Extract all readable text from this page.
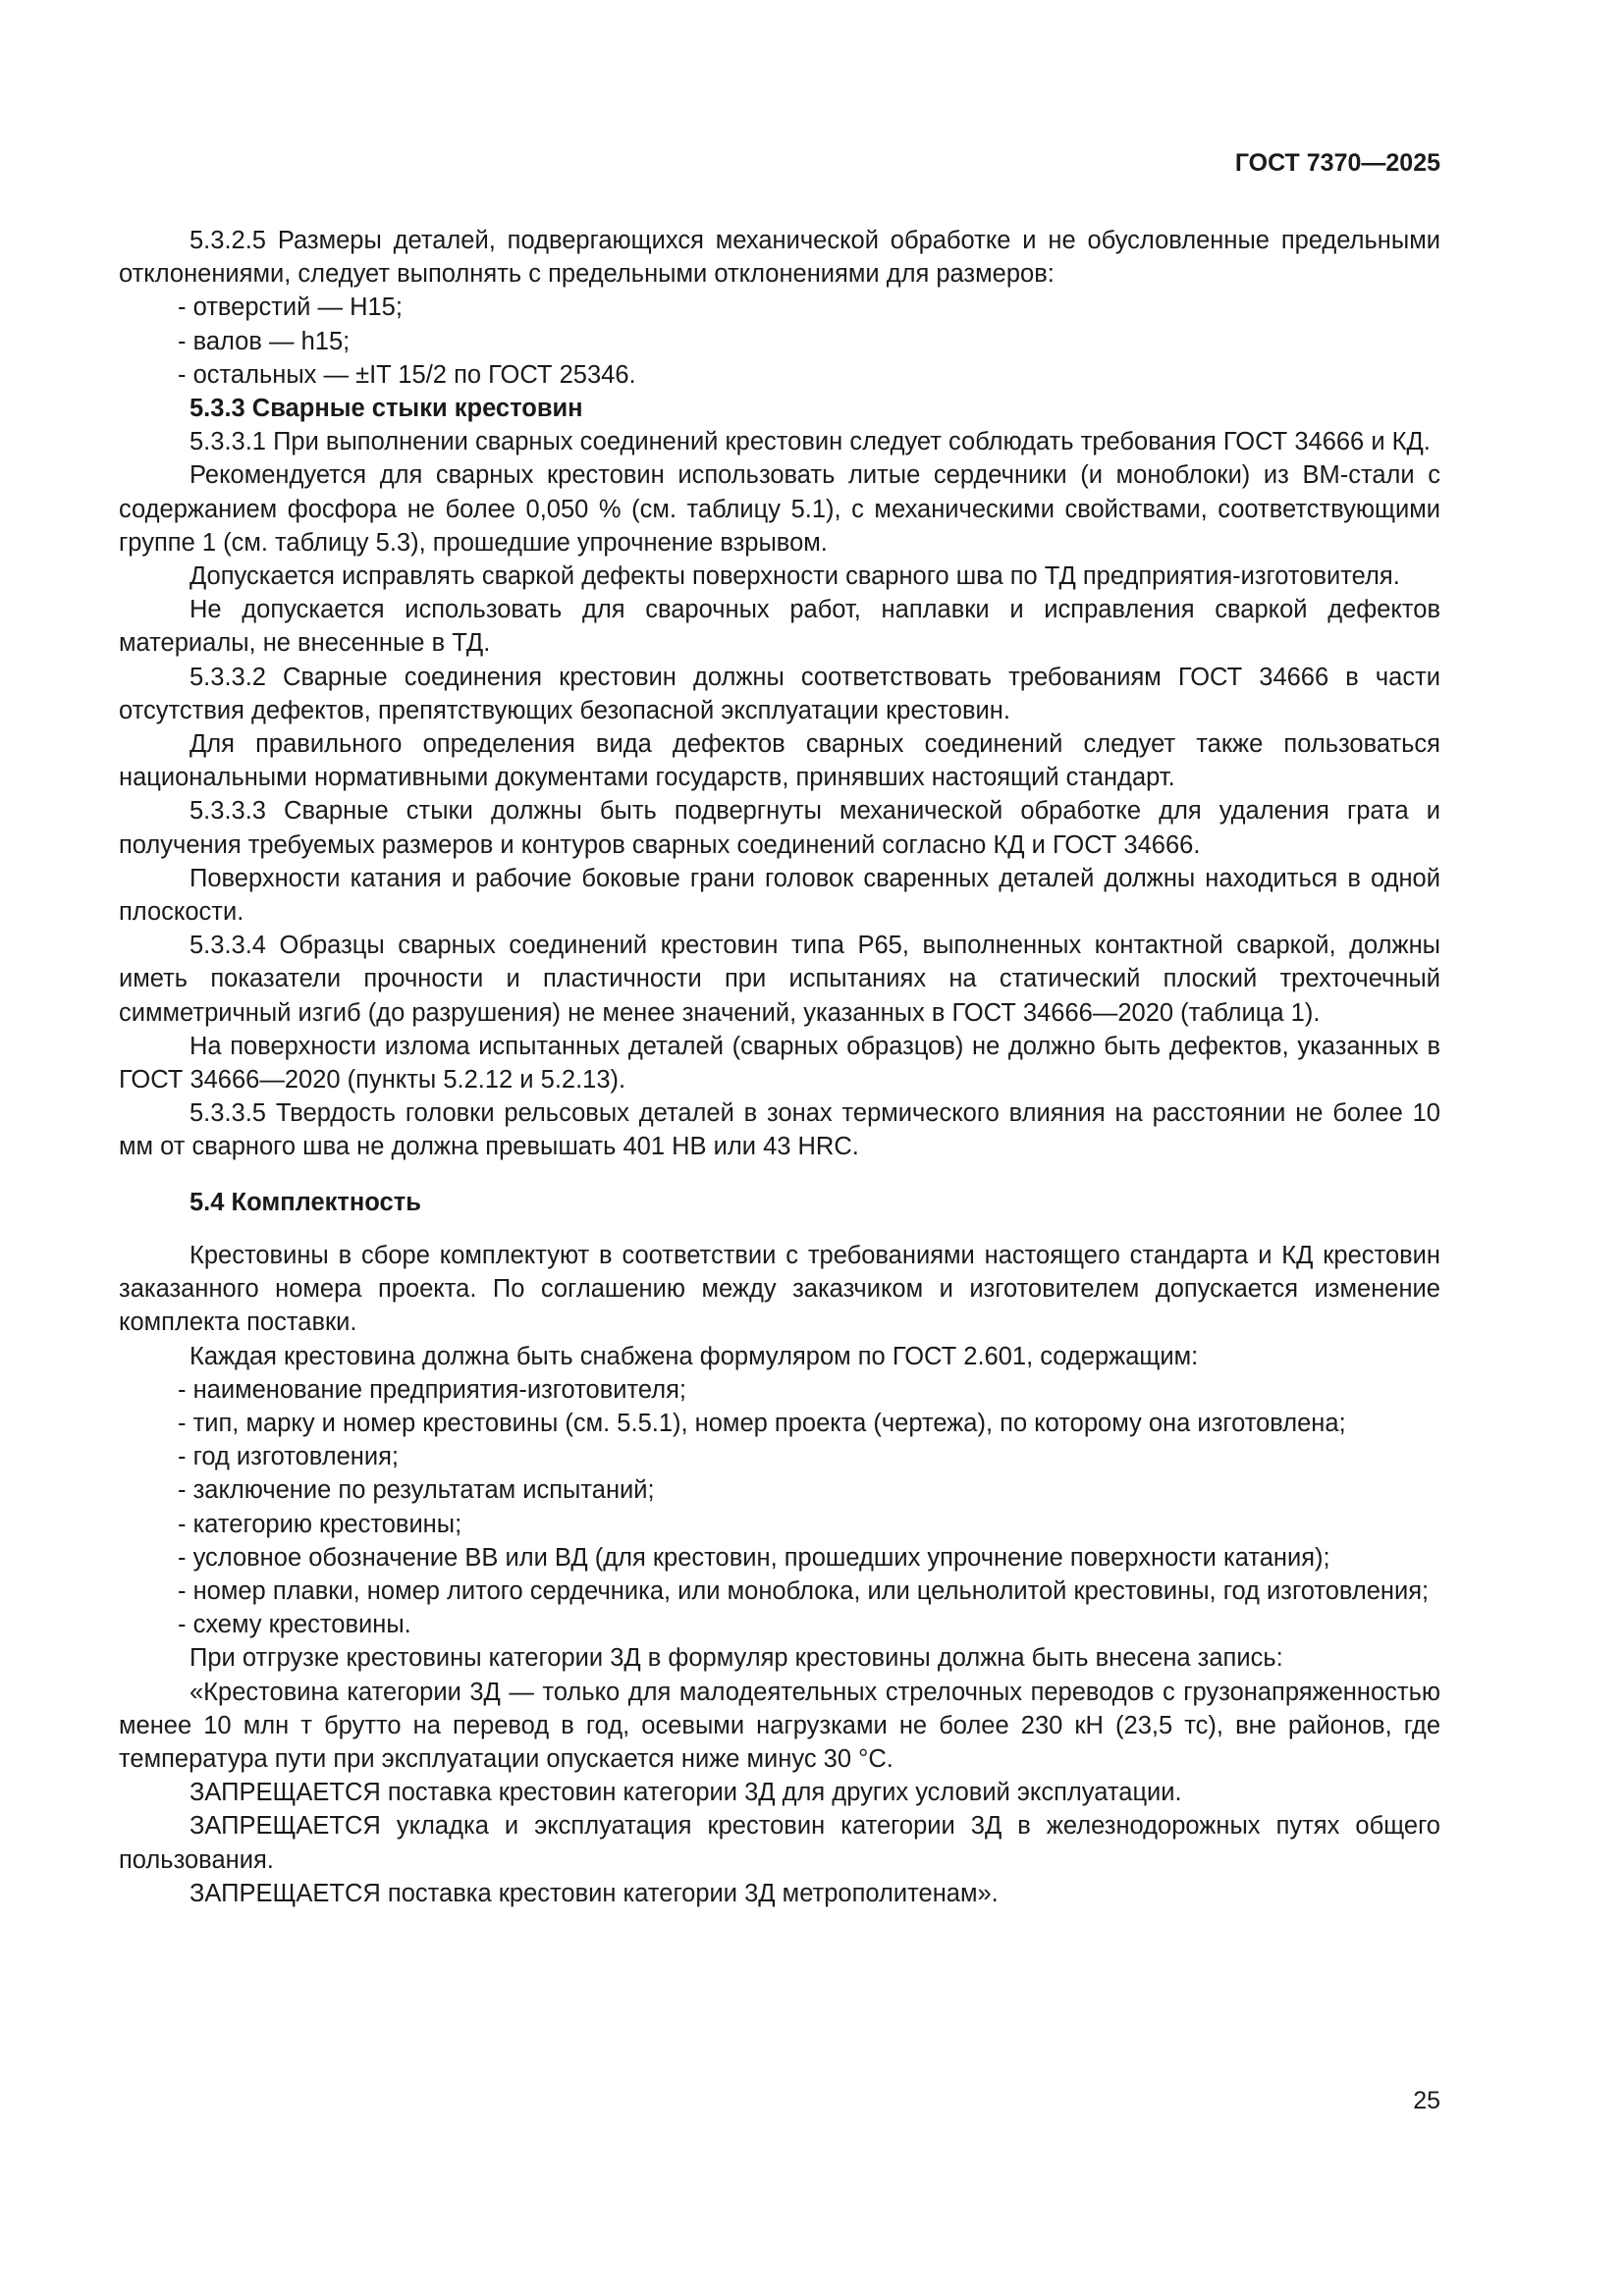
ГОСТ 7370—2025

5.3.2.5 Размеры деталей, подвергающихся механической обработке и не обусловленные предельными отклонениями, следует выполнять с предельными отклонениями для размеров:

- отверстий — Н15;

- валов — h15;

- остальных — ±IT 15/2 по ГОСТ 25346.

5.3.3 Сварные стыки крестовин

5.3.3.1 При выполнении сварных соединений крестовин следует соблюдать требования ГОСТ 34666 и КД.

Рекомендуется для сварных крестовин использовать литые сердечники (и моноблоки) из ВМ-стали с содержанием фосфора не более 0,050 % (см. таблицу 5.1), с механическими свойствами, соответствующими группе 1 (см. таблицу 5.3), прошедшие упрочнение взрывом.

Допускается исправлять сваркой дефекты поверхности сварного шва по ТД предприятия-изготовителя.

Не допускается использовать для сварочных работ, наплавки и исправления сваркой дефектов материалы, не внесенные в ТД.

5.3.3.2 Сварные соединения крестовин должны соответствовать требованиям ГОСТ 34666 в части отсутствия дефектов, препятствующих безопасной эксплуатации крестовин.

Для правильного определения вида дефектов сварных соединений следует также пользоваться национальными нормативными документами государств, принявших настоящий стандарт.

5.3.3.3 Сварные стыки должны быть подвергнуты механической обработке для удаления грата и получения требуемых размеров и контуров сварных соединений согласно КД и ГОСТ 34666.

Поверхности катания и рабочие боковые грани головок сваренных деталей должны находиться в одной плоскости.

5.3.3.4 Образцы сварных соединений крестовин типа Р65, выполненных контактной сваркой, должны иметь показатели прочности и пластичности при испытаниях на статический плоский трехточечный симметричный изгиб (до разрушения) не менее значений, указанных в ГОСТ 34666—2020 (таблица 1).

На поверхности излома испытанных деталей (сварных образцов) не должно быть дефектов, указанных в ГОСТ 34666—2020 (пункты 5.2.12 и 5.2.13).

5.3.3.5 Твердость головки рельсовых деталей в зонах термического влияния на расстоянии не более 10 мм от сварного шва не должна превышать 401 НВ или 43 HRC.

5.4 Комплектность

Крестовины в сборе комплектуют в соответствии с требованиями настоящего стандарта и КД крестовин заказанного номера проекта. По соглашению между заказчиком и изготовителем допускается изменение комплекта поставки.

Каждая крестовина должна быть снабжена формуляром по ГОСТ 2.601, содержащим:

- наименование предприятия-изготовителя;

- тип, марку и номер крестовины (см. 5.5.1), номер проекта (чертежа), по которому она изготовлена;

- год изготовления;

- заключение по результатам испытаний;

- категорию крестовины;

- условное обозначение ВВ или ВД (для крестовин, прошедших упрочнение поверхности катания);

- номер плавки, номер литого сердечника, или моноблока, или цельнолитой крестовины, год изготовления;

- схему крестовины.

При отгрузке крестовины категории 3Д в формуляр крестовины должна быть внесена запись:

«Крестовина категории 3Д — только для малодеятельных стрелочных переводов с грузонапряженностью менее 10 млн т брутто на перевод в год, осевыми нагрузками не более 230 кН (23,5 тс), вне районов, где температура пути при эксплуатации опускается ниже минус 30 °С.

ЗАПРЕЩАЕТСЯ поставка крестовин категории 3Д для других условий эксплуатации.

ЗАПРЕЩАЕТСЯ укладка и эксплуатация крестовин категории 3Д в железнодорожных путях общего пользования.

ЗАПРЕЩАЕТСЯ поставка крестовин категории 3Д метрополитенам».

25
